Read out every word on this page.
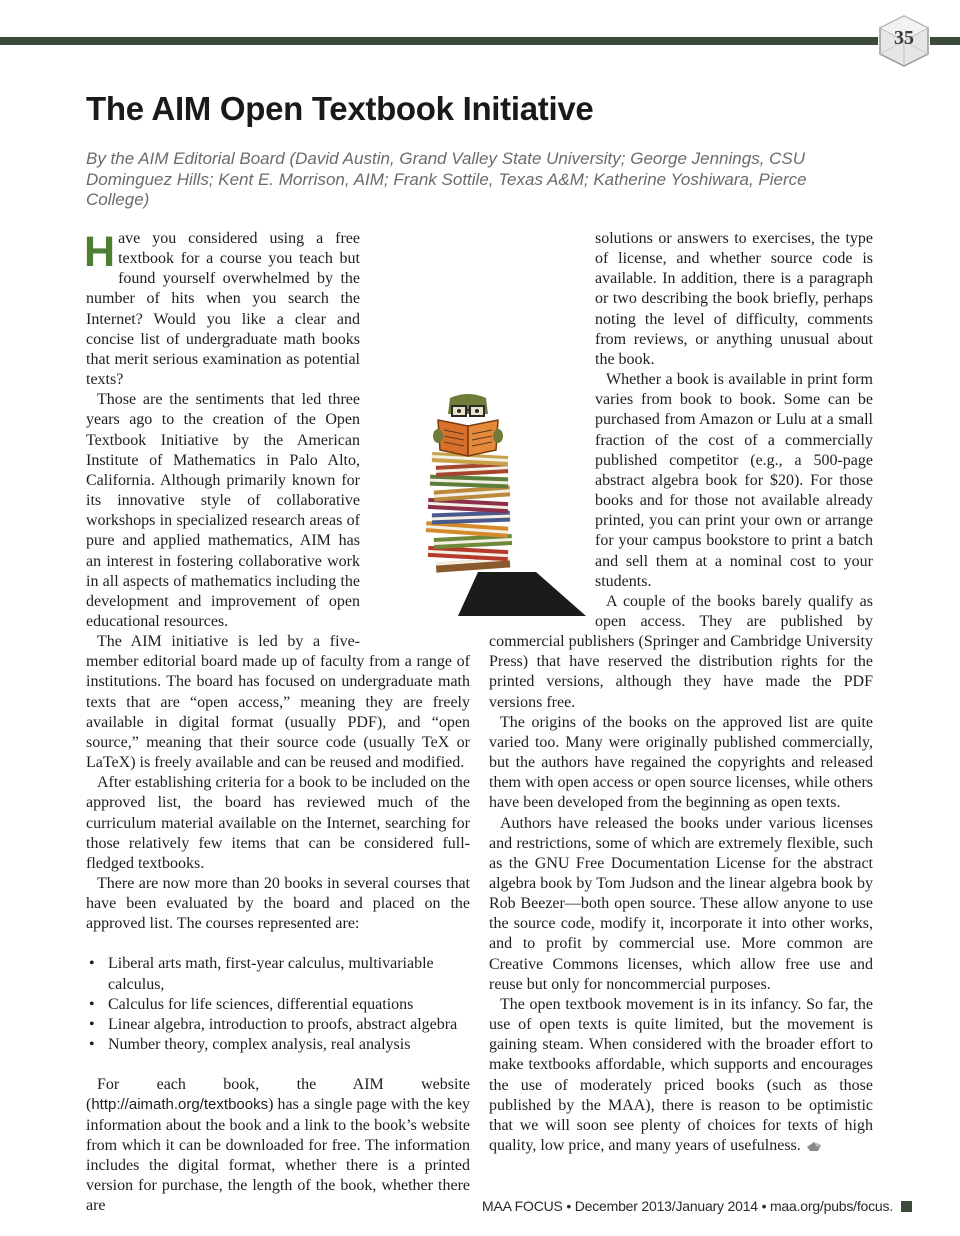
35
The AIM Open Textbook Initiative
By the AIM Editorial Board (David Austin, Grand Valley State University; George Jennings, CSU Dominguez Hills; Kent E. Morrison, AIM; Frank Sottile, Texas A&M; Katherine Yoshiwara, Pierce College)

Have you considered using a free textbook for a course you teach but found yourself overwhelmed by the number of hits when you search the Internet? Would you like a clear and concise list of undergraduate math books that merit serious examination as potential texts?

Those are the sentiments that led three years ago to the creation of the Open Textbook Initiative by the American Institute of Mathematics in Palo Alto, California. Although primarily known for its innovative style of collaborative workshops in specialized research areas of pure and applied mathematics, AIM has an interest in fostering collaborative work in all aspects of mathematics including the development and improvement of open educational resources.

The AIM initiative is led by a five-member editorial board made up of faculty from a range of institutions. The board has focused on undergraduate math texts that are “open access,” meaning they are freely available in digital format (usually PDF), and “open source,” meaning that their source code (usually TeX or LaTeX) is freely available and can be reused and modified.

After establishing criteria for a book to be included on the approved list, the board has reviewed much of the curriculum material available on the Internet, searching for those relatively few items that can be considered full-fledged textbooks.

There are now more than 20 books in several courses that have been evaluated by the board and placed on the approved list. The courses represented are:

• Liberal arts math, first-year calculus, multivariable calculus,
• Calculus for life sciences, differential equations
• Linear algebra, introduction to proofs, abstract algebra
• Number theory, complex analysis, real analysis

For each book, the AIM website (http://aimath.org/textbooks) has a single page with the key information about the book and a link to the book’s website from which it can be downloaded for free. The information includes the digital format, whether there is a printed version for purchase, the length of the book, whether there are

solutions or answers to exercises, the type of license, and whether source code is available. In addition, there is a paragraph or two describing the book briefly, perhaps noting the level of difficulty, comments from reviews, or anything unusual about the book.

Whether a book is available in print form varies from book to book. Some can be purchased from Amazon or Lulu at a small fraction of the cost of a commercially published competitor (e.g., a 500-page abstract algebra book for $20). For those books and for those not available already printed, you can print your own or arrange for your campus bookstore to print a batch and sell them at a nominal cost to your students.

A couple of the books barely qualify as open access. They are published by commercial publishers (Springer and Cambridge University Press) that have reserved the distribution rights for the printed versions, although they have made the PDF versions free.

The origins of the books on the approved list are quite varied too. Many were originally published commercially, but the authors have regained the copyrights and released them with open access or open source licenses, while others have been developed from the beginning as open texts.

Authors have released the books under various licenses and restrictions, some of which are extremely flexible, such as the GNU Free Documentation License for the abstract algebra book by Tom Judson and the linear algebra book by Rob Beezer—both open source. These allow anyone to use the source code, modify it, incorporate it into other works, and to profit by commercial use. More common are Creative Commons licenses, which allow free use and reuse but only for noncommercial purposes.

The open textbook movement is in its infancy. So far, the use of open texts is quite limited, but the movement is gaining steam. When considered with the broader effort to make textbooks affordable, which supports and encourages the use of moderately priced books (such as those published by the MAA), there is reason to be optimistic that we will soon see plenty of choices for texts of high quality, low price, and many years of usefulness.

MAA FOCUS • December 2013/January 2014 • maa.org/pubs/focus.
